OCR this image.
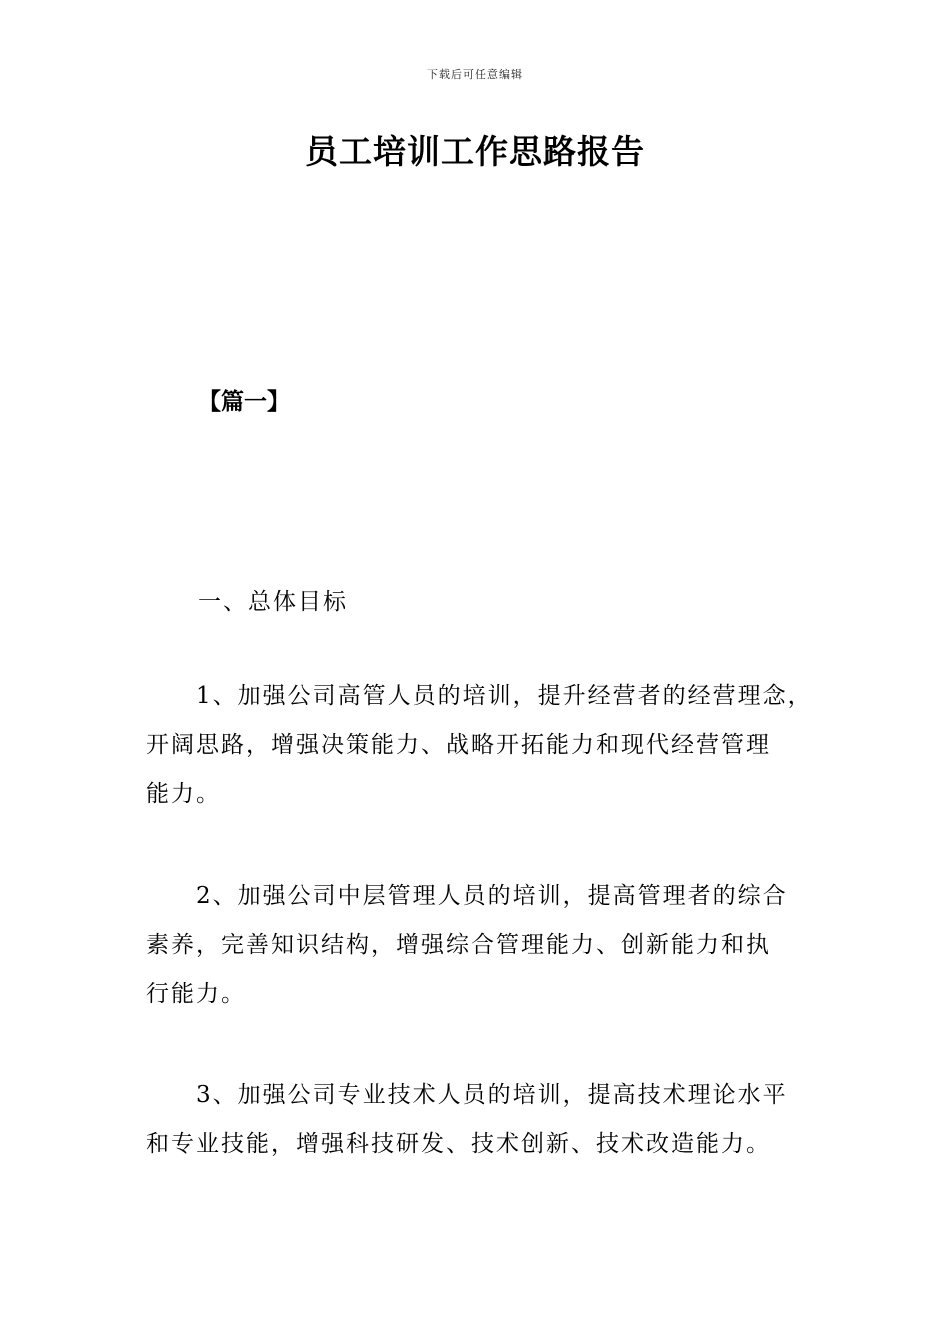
下载后可任意编辑
员工培训工作思路报告
【篇一】
一、总体目标
　　1、加强公司高管人员的培训，提升经营者的经营理念，
开阔思路，增强决策能力、战略开拓能力和现代经营管理
能力。
　　2、加强公司中层管理人员的培训，提高管理者的综合
素养，完善知识结构，增强综合管理能力、创新能力和执
行能力。
　　3、加强公司专业技术人员的培训，提高技术理论水平
和专业技能，增强科技研发、技术创新、技术改造能力。
